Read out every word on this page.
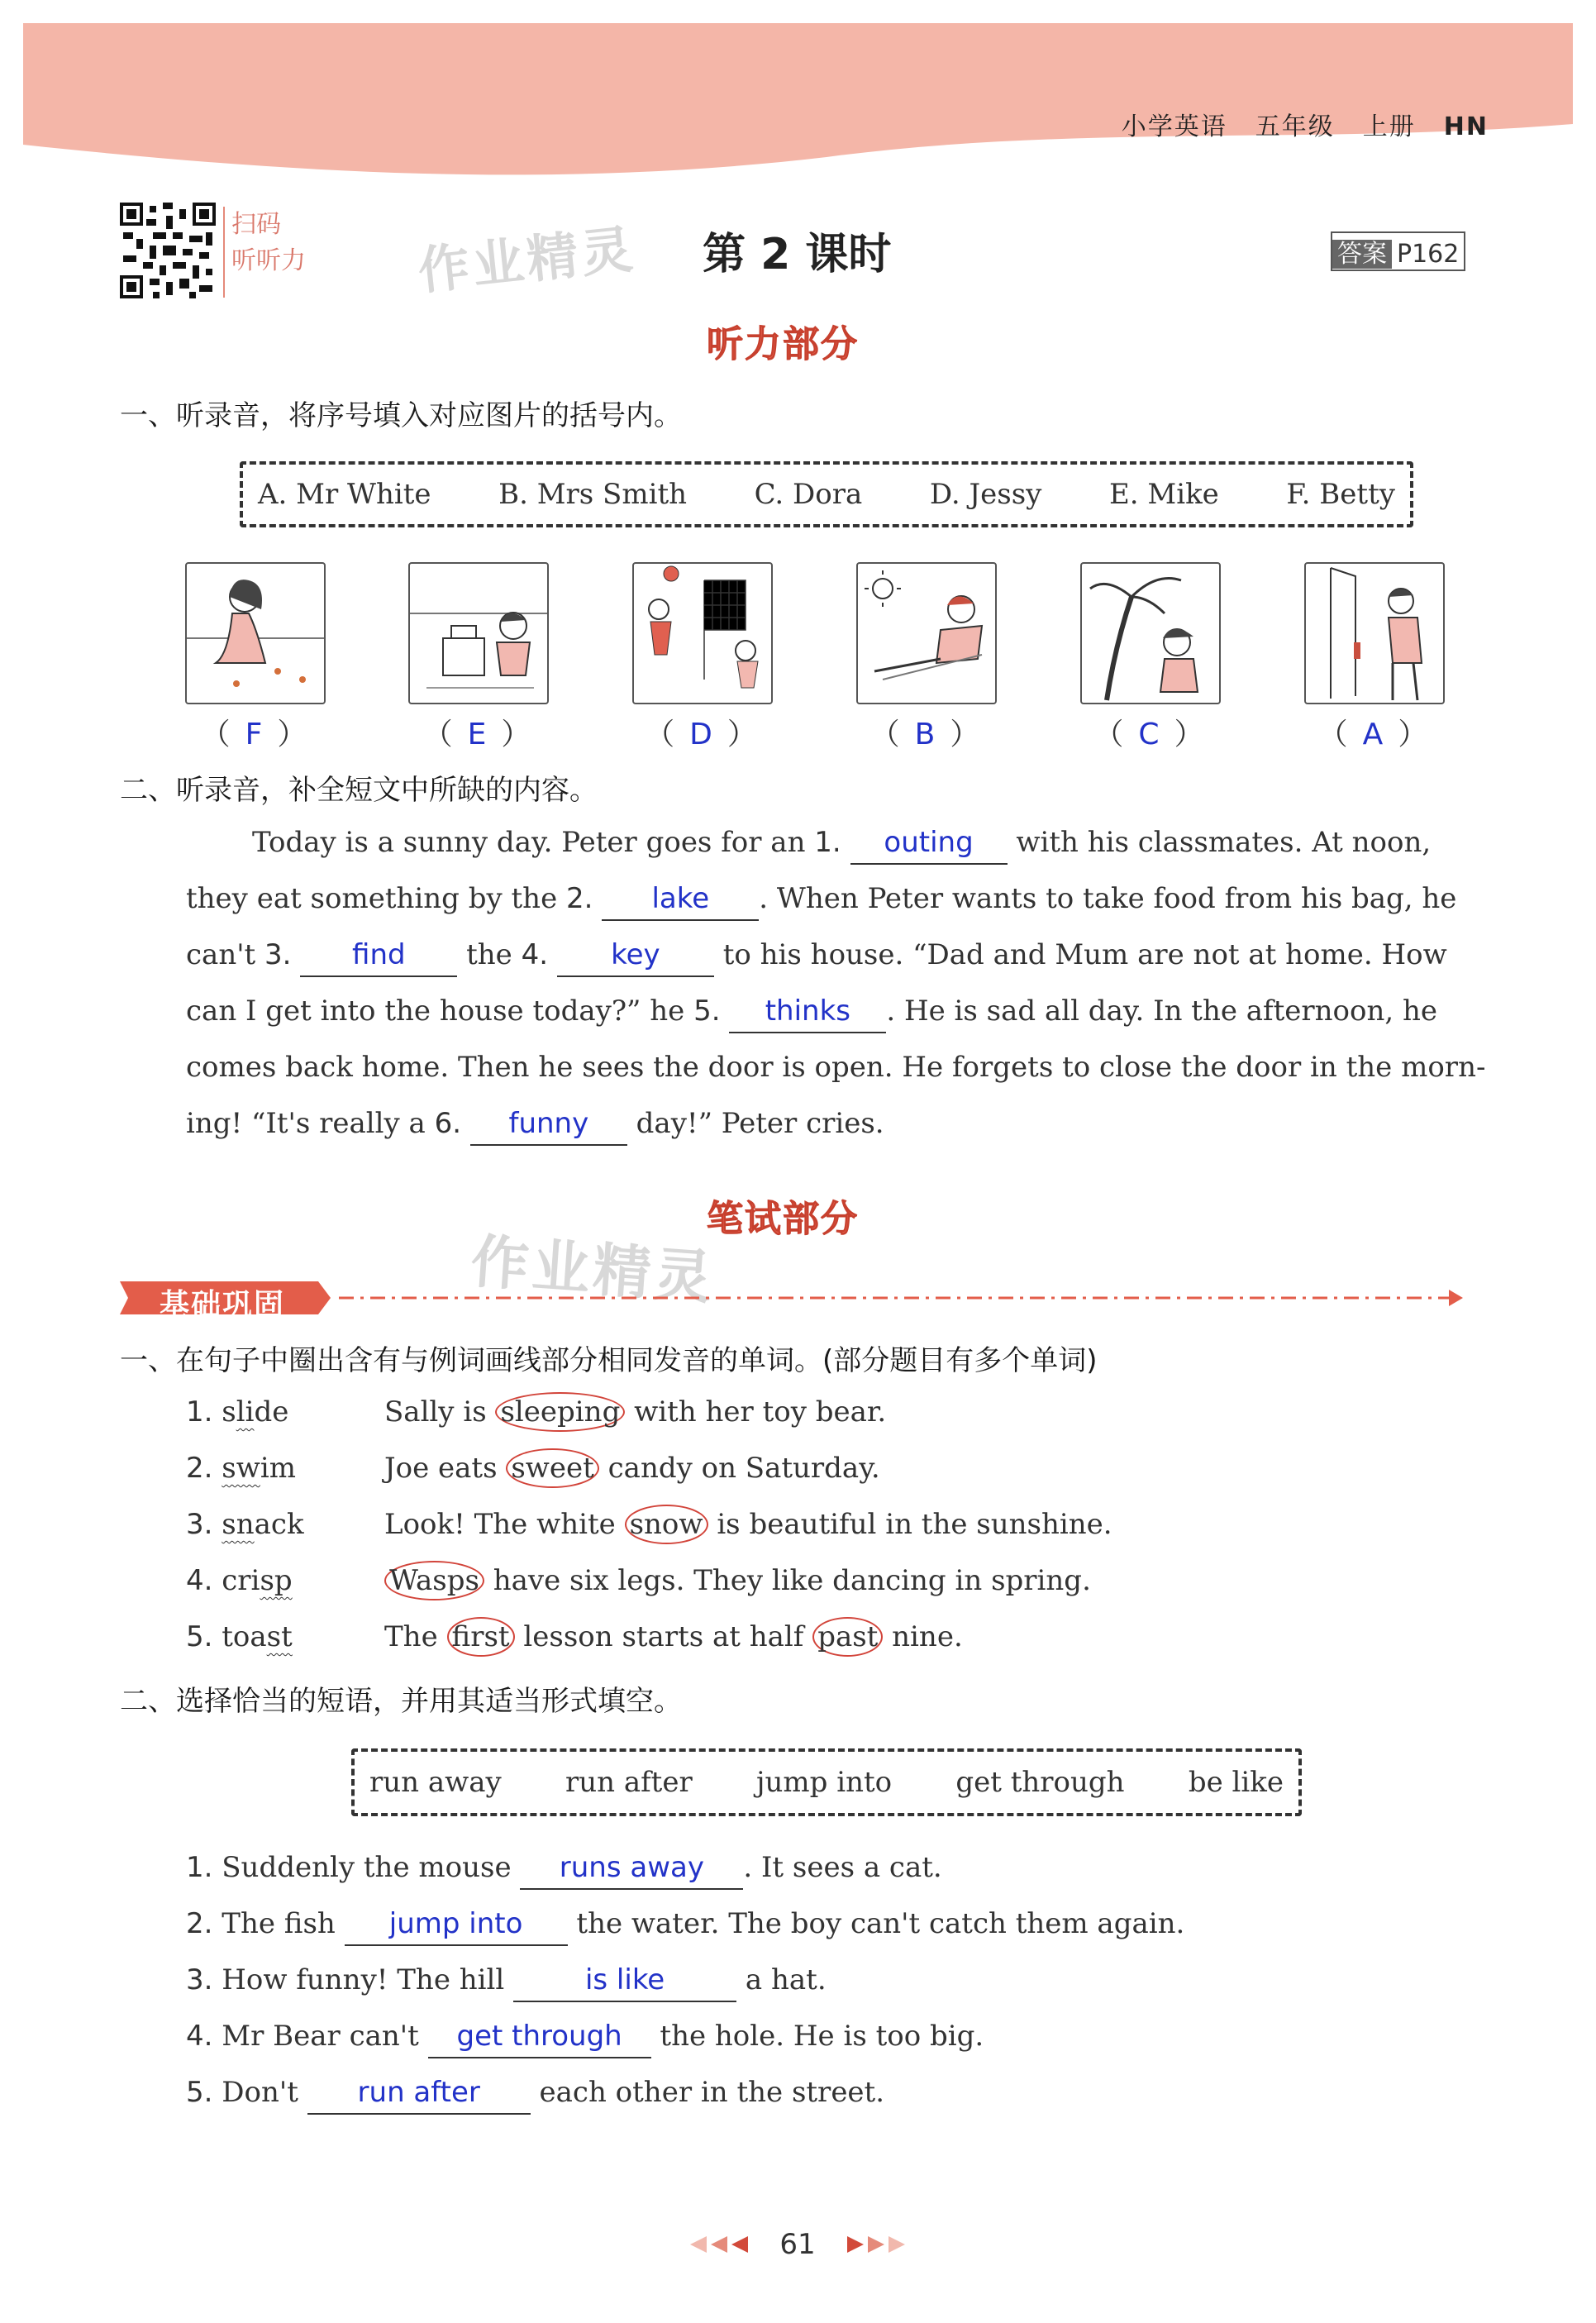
小学英语 五年级 上册 HN
扫码
听听力	作业精灵 第 2 课时	答案 P162
听力部分
一、听录音，将序号填入对应图片的括号内。
A. Mr White B. Mrs Smith C. Dora D. Jessy E. Mike F. Betty
（ F ）	（ E ）	（ D ）	（ B ）	（ C ）	（ A ）
二、听录音，补全短文中所缺的内容。
Today is a sunny day. Peter goes for an 1. outing with his classmates. At noon,
they eat something by the 2. lake . When Peter wants to take food from his bag, he
can't 3. find the 4. key to his house. “Dad and Mum are not at home. How
can I get into the house today?” he 5. thinks . He is sad all day. In the afternoon, he
comes back home. Then he sees the door is open. He forgets to close the door in the morn-
ing! “It's really a 6. funny day!” Peter cries.
笔试部分
作业精灵
基础巩固
一、在句子中圈出含有与例词画线部分相同发音的单词。(部分题目有多个单词)
1. slide	Sally is sleeping with her toy bear.
2. swim	Joe eats sweet candy on Saturday.
3. snack	Look! The white snow is beautiful in the sunshine.
4. crisp	Wasps have six legs. They like dancing in spring.
5. toast	The first lesson starts at half past nine.
二、选择恰当的短语，并用其适当形式填空。
run away run after jump into get through be like
1. Suddenly the mouse runs away . It sees a cat.
2. The fish jump into the water. The boy can't catch them again.
3. How funny! The hill	is like	a hat.
4. Mr Bear can't get through the hole. He is too big.
5. Don't run after each other in the street.
61
